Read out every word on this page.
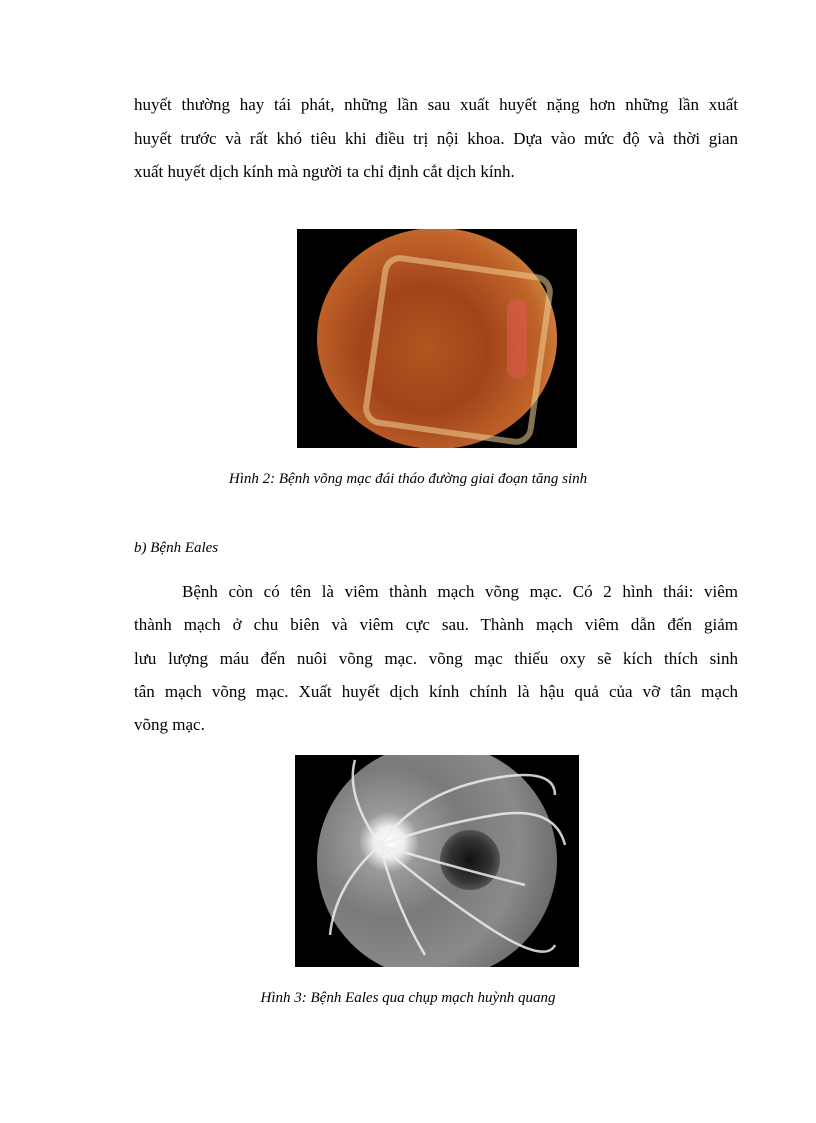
huyết thường hay tái phát, những lần sau xuất huyết nặng hơn những lần xuất
huyết trước và rất khó tiêu khi điều trị nội khoa. Dựa vào mức độ và thời gian
xuất huyết dịch kính mà người ta chỉ định cắt dịch kính.
Hình 2: Bệnh võng mạc đái tháo đường giai đoạn tăng sinh
b) Bệnh Eales
Bệnh còn có tên là viêm thành mạch võng mạc. Có 2 hình thái: viêm
thành mạch ở chu biên và viêm cực sau. Thành mạch viêm dẫn đến giảm
lưu lượng máu đến nuôi võng mạc. võng mạc thiếu oxy sẽ kích thích sinh
tân mạch võng mạc. Xuất huyết dịch kính chính là hậu quả của vỡ tân mạch
võng mạc.
Hình 3: Bệnh Eales qua chụp mạch huỳnh quang
